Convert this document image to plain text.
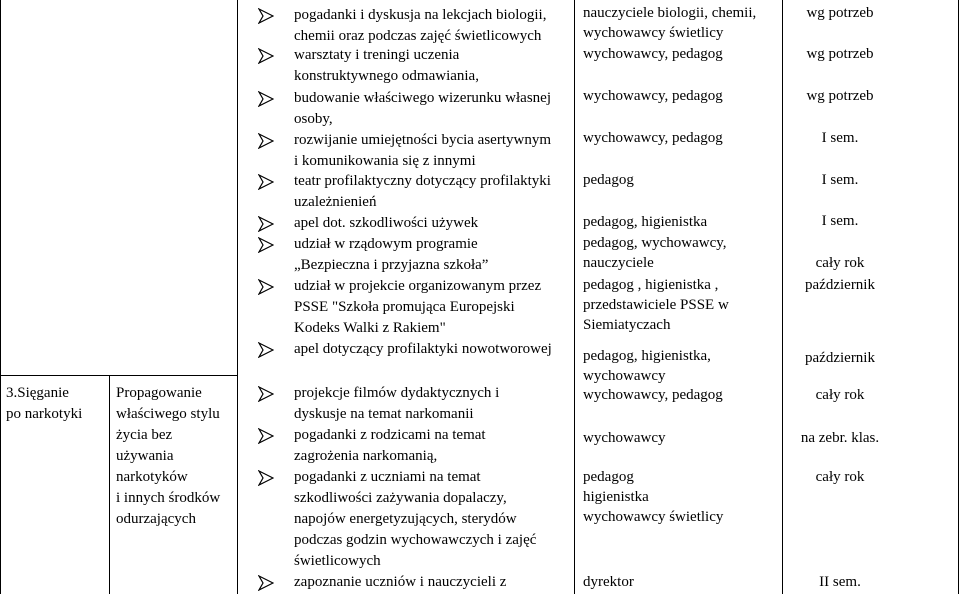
3.Sięganie
po narkotyki
Propagowanie
właściwego stylu
życia bez
używania
narkotyków
i innych środków
odurzających
pogadanki i dyskusja na lekcjach biologii,
chemii oraz podczas zajęć świetlicowych
warsztaty i treningi uczenia
konstruktywnego odmawiania,
budowanie właściwego wizerunku własnej
osoby,
rozwijanie umiejętności bycia asertywnym
i komunikowania się z innymi
teatr profilaktyczny dotyczący profilaktyki
uzależnienień
apel dot. szkodliwości używek
udział w rządowym programie
„Bezpieczna i przyjazna szkoła”
udział w projekcie organizowanym przez
PSSE "Szkoła promująca Europejski
Kodeks Walki z Rakiem"
apel dotyczący profilaktyki nowotworowej
projekcje filmów dydaktycznych i
dyskusje na temat narkomanii
pogadanki z rodzicami na temat
zagrożenia narkomanią,
pogadanki z uczniami na temat
szkodliwości zażywania dopalaczy,
napojów energetyzujących, sterydów
podczas godzin wychowawczych i zajęć
świetlicowych
zapoznanie uczniów i nauczycieli z
nauczyciele biologii, chemii,
wychowawcy świetlicy
wychowawcy, pedagog
wychowawcy, pedagog
wychowawcy, pedagog
pedagog
pedagog, higienistka
pedagog, wychowawcy,
nauczyciele
pedagog , higienistka ,
przedstawiciele PSSE w
Siemiatyczach
pedagog, higienistka,
wychowawcy
wychowawcy, pedagog
wychowawcy
pedagog
higienistka
wychowawcy świetlicy
dyrektor
wg potrzeb
wg potrzeb
wg potrzeb
I sem.
I sem.
I sem.
cały rok
październik
październik
cały rok
na zebr. klas.
cały rok
II sem.
